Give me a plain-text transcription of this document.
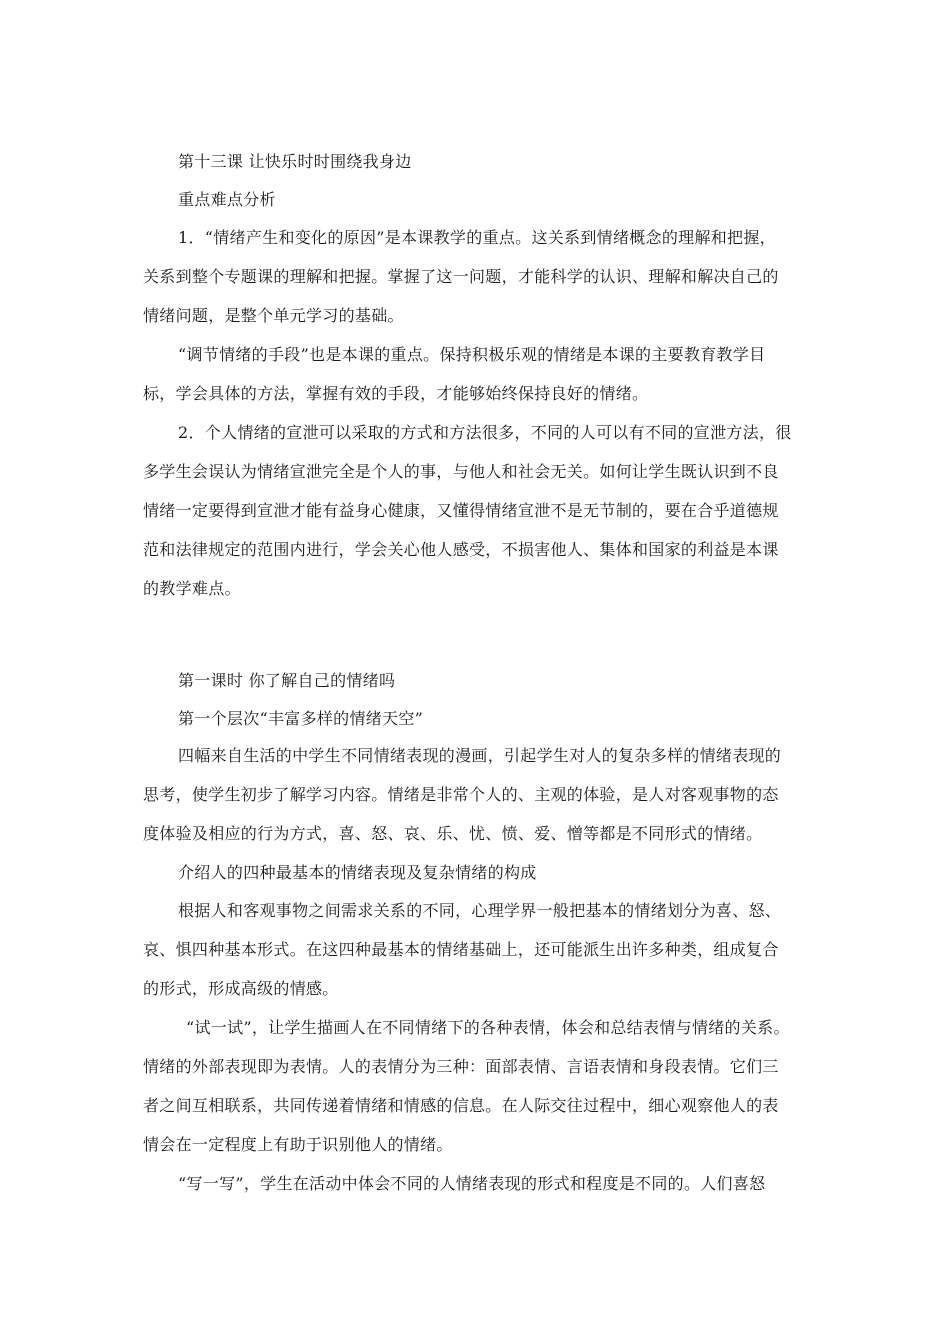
第十三课 让快乐时时围绕我身边
重点难点分析
1．“情绪产生和变化的原因”是本课教学的重点。这关系到情绪概念的理解和把握，
关系到整个专题课的理解和把握。掌握了这一问题，才能科学的认识、理解和解决自己的
情绪问题，是整个单元学习的基础。
“调节情绪的手段”也是本课的重点。保持积极乐观的情绪是本课的主要教育教学目
标，学会具体的方法，掌握有效的手段，才能够始终保持良好的情绪。
2．个人情绪的宣泄可以采取的方式和方法很多，不同的人可以有不同的宣泄方法，很
多学生会误认为情绪宣泄完全是个人的事，与他人和社会无关。如何让学生既认识到不良
情绪一定要得到宣泄才能有益身心健康，又懂得情绪宣泄不是无节制的，要在合乎道德规
范和法律规定的范围内进行，学会关心他人感受，不损害他人、集体和国家的利益是本课
的教学难点。
第一课时 你了解自己的情绪吗
第一个层次“丰富多样的情绪天空”
四幅来自生活的中学生不同情绪表现的漫画，引起学生对人的复杂多样的情绪表现的
思考，使学生初步了解学习内容。情绪是非常个人的、主观的体验，是人对客观事物的态
度体验及相应的行为方式，喜、怒、哀、乐、忧、愤、爱、憎等都是不同形式的情绪。
介绍人的四种最基本的情绪表现及复杂情绪的构成
根据人和客观事物之间需求关系的不同，心理学界一般把基本的情绪划分为喜、怒、
哀、惧四种基本形式。在这四种最基本的情绪基础上，还可能派生出许多种类，组成复合
的形式，形成高级的情感。
“试一试”，让学生描画人在不同情绪下的各种表情，体会和总结表情与情绪的关系。
情绪的外部表现即为表情。人的表情分为三种：面部表情、言语表情和身段表情。它们三
者之间互相联系，共同传递着情绪和情感的信息。在人际交往过程中，细心观察他人的表
情会在一定程度上有助于识别他人的情绪。
“写一写”，学生在活动中体会不同的人情绪表现的形式和程度是不同的。人们喜怒
